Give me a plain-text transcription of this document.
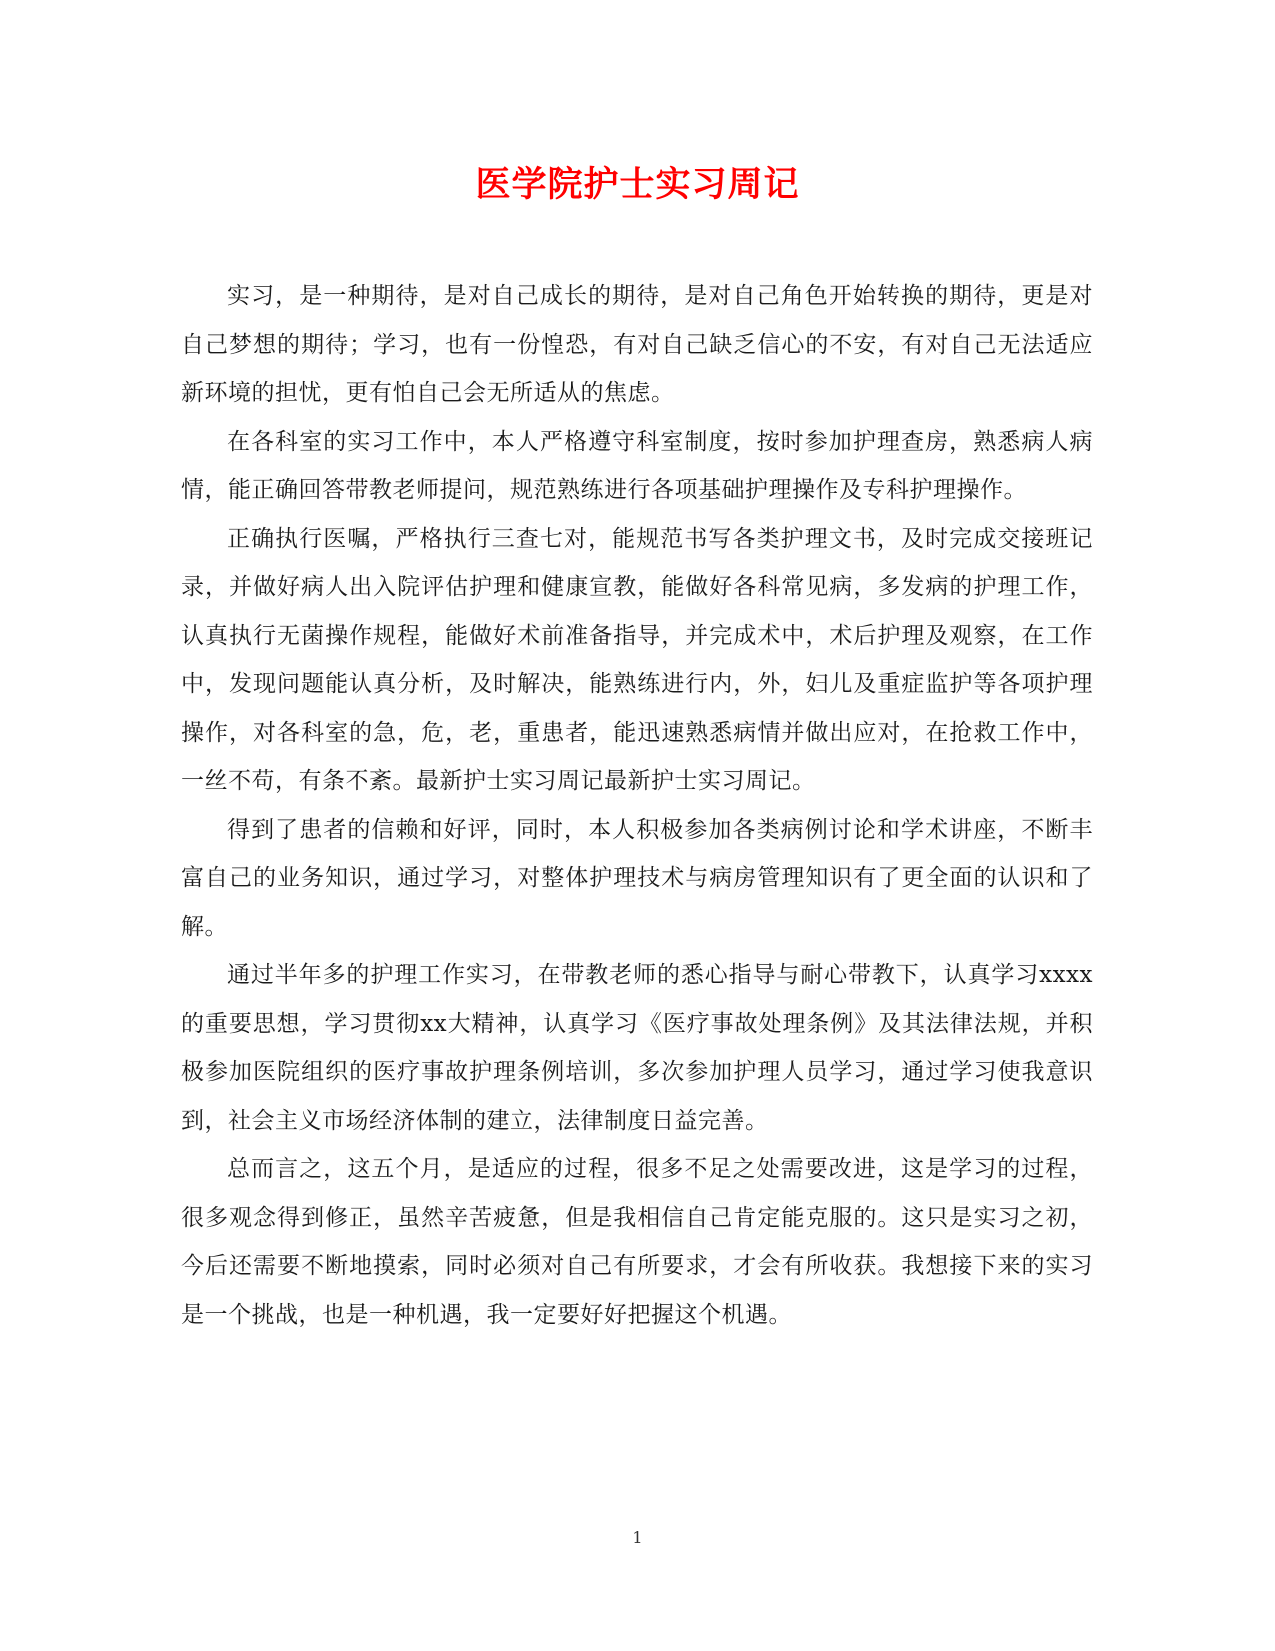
医学院护士实习周记

实习，是一种期待，是对自己成长的期待，是对自己角色开始转换的期待，更是对自己梦想的期待；学习，也有一份惶恐，有对自己缺乏信心的不安，有对自己无法适应新环境的担忧，更有怕自己会无所适从的焦虑。

在各科室的实习工作中，本人严格遵守科室制度，按时参加护理查房，熟悉病人病情，能正确回答带教老师提问，规范熟练进行各项基础护理操作及专科护理操作。

正确执行医嘱，严格执行三查七对，能规范书写各类护理文书，及时完成交接班记录，并做好病人出入院评估护理和健康宣教，能做好各科常见病，多发病的护理工作，认真执行无菌操作规程，能做好术前准备指导，并完成术中，术后护理及观察，在工作中，发现问题能认真分析，及时解决，能熟练进行内，外，妇儿及重症监护等各项护理操作，对各科室的急，危，老，重患者，能迅速熟悉病情并做出应对，在抢救工作中，一丝不苟，有条不紊。最新护士实习周记最新护士实习周记。

得到了患者的信赖和好评，同时，本人积极参加各类病例讨论和学术讲座，不断丰富自己的业务知识，通过学习，对整体护理技术与病房管理知识有了更全面的认识和了解。

通过半年多的护理工作实习，在带教老师的悉心指导与耐心带教下，认真学习xxxx 的重要思想，学习贯彻xx大精神，认真学习《医疗事故处理条例》及其法律法规，并积极参加医院组织的医疗事故护理条例培训，多次参加护理人员学习，通过学习使我意识到，社会主义市场经济体制的建立，法律制度日益完善。

总而言之，这五个月，是适应的过程，很多不足之处需要改进，这是学习的过程，很多观念得到修正，虽然辛苦疲惫，但是我相信自己肯定能克服的。这只是实习之初，今后还需要不断地摸索，同时必须对自己有所要求，才会有所收获。我想接下来的实习是一个挑战，也是一种机遇，我一定要好好把握这个机遇。

1
